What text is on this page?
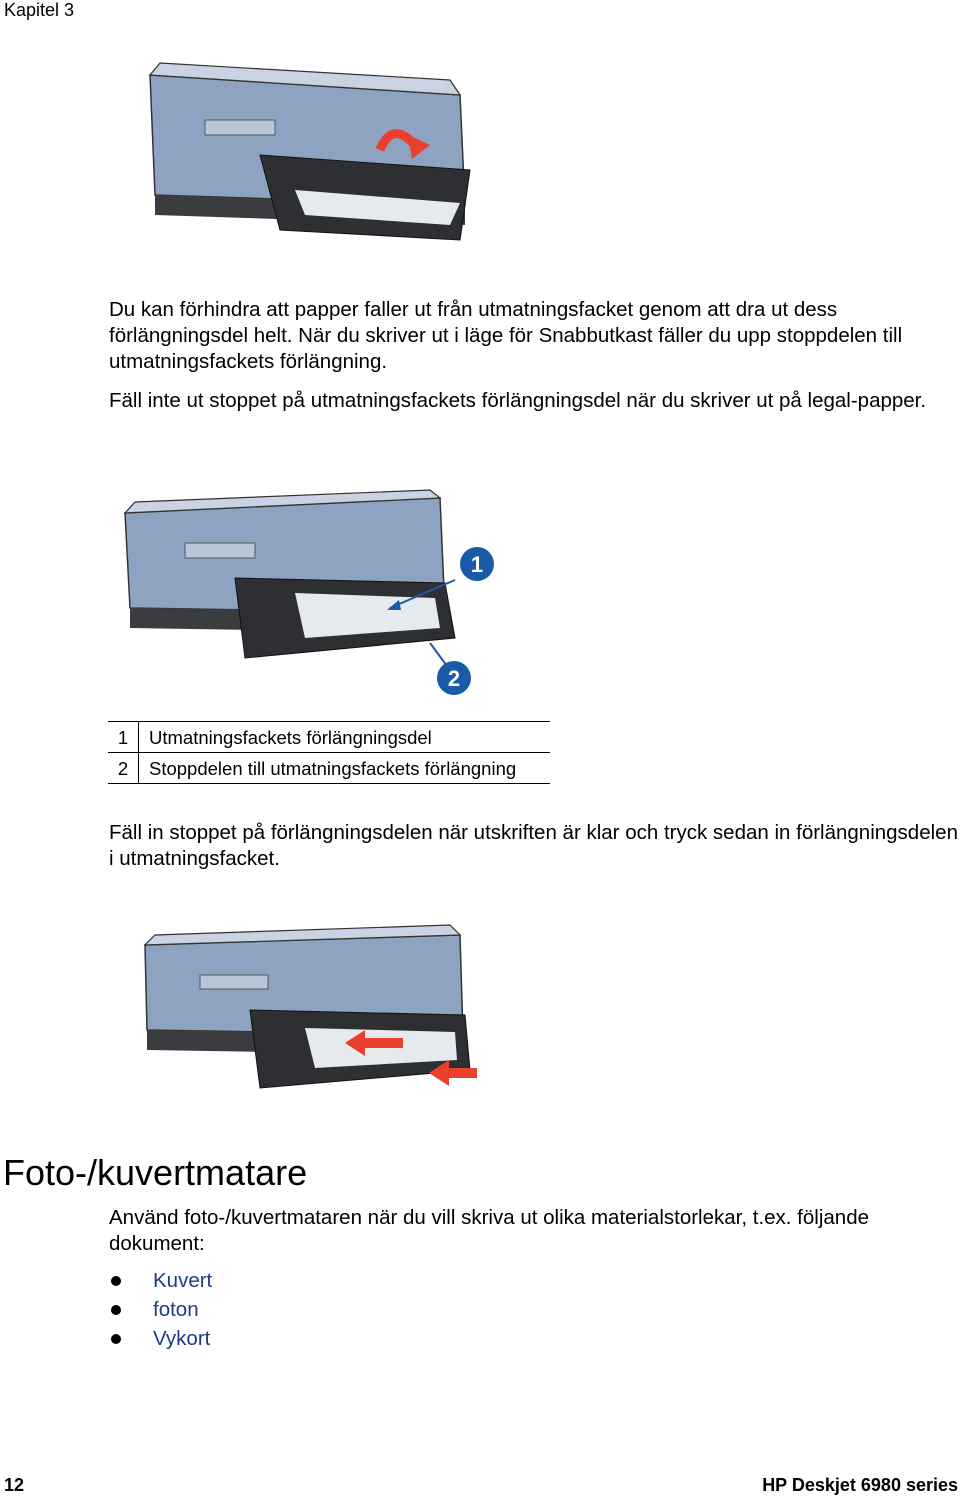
Kapitel 3

Du kan förhindra att papper faller ut från utmatningsfacket genom att dra ut dess förlängningsdel helt. När du skriver ut i läge för Snabbutkast fäller du upp stoppdelen till utmatningsfackets förlängning.

Fäll inte ut stoppet på utmatningsfackets förlängningsdel när du skriver ut på legal-papper.

1
2
1	Utmatningsfackets förlängningsdel
2	Stoppdelen till utmatningsfackets förlängning

Fäll in stoppet på förlängningsdelen när utskriften är klar och tryck sedan in förlängningsdelen i utmatningsfacket.

Foto-/kuvertmatare

Använd foto-/kuvertmataren när du vill skriva ut olika materialstorlekar, t.ex. följande dokument:

Kuvert
foton
Vykort
12	HP Deskjet 6980 series
